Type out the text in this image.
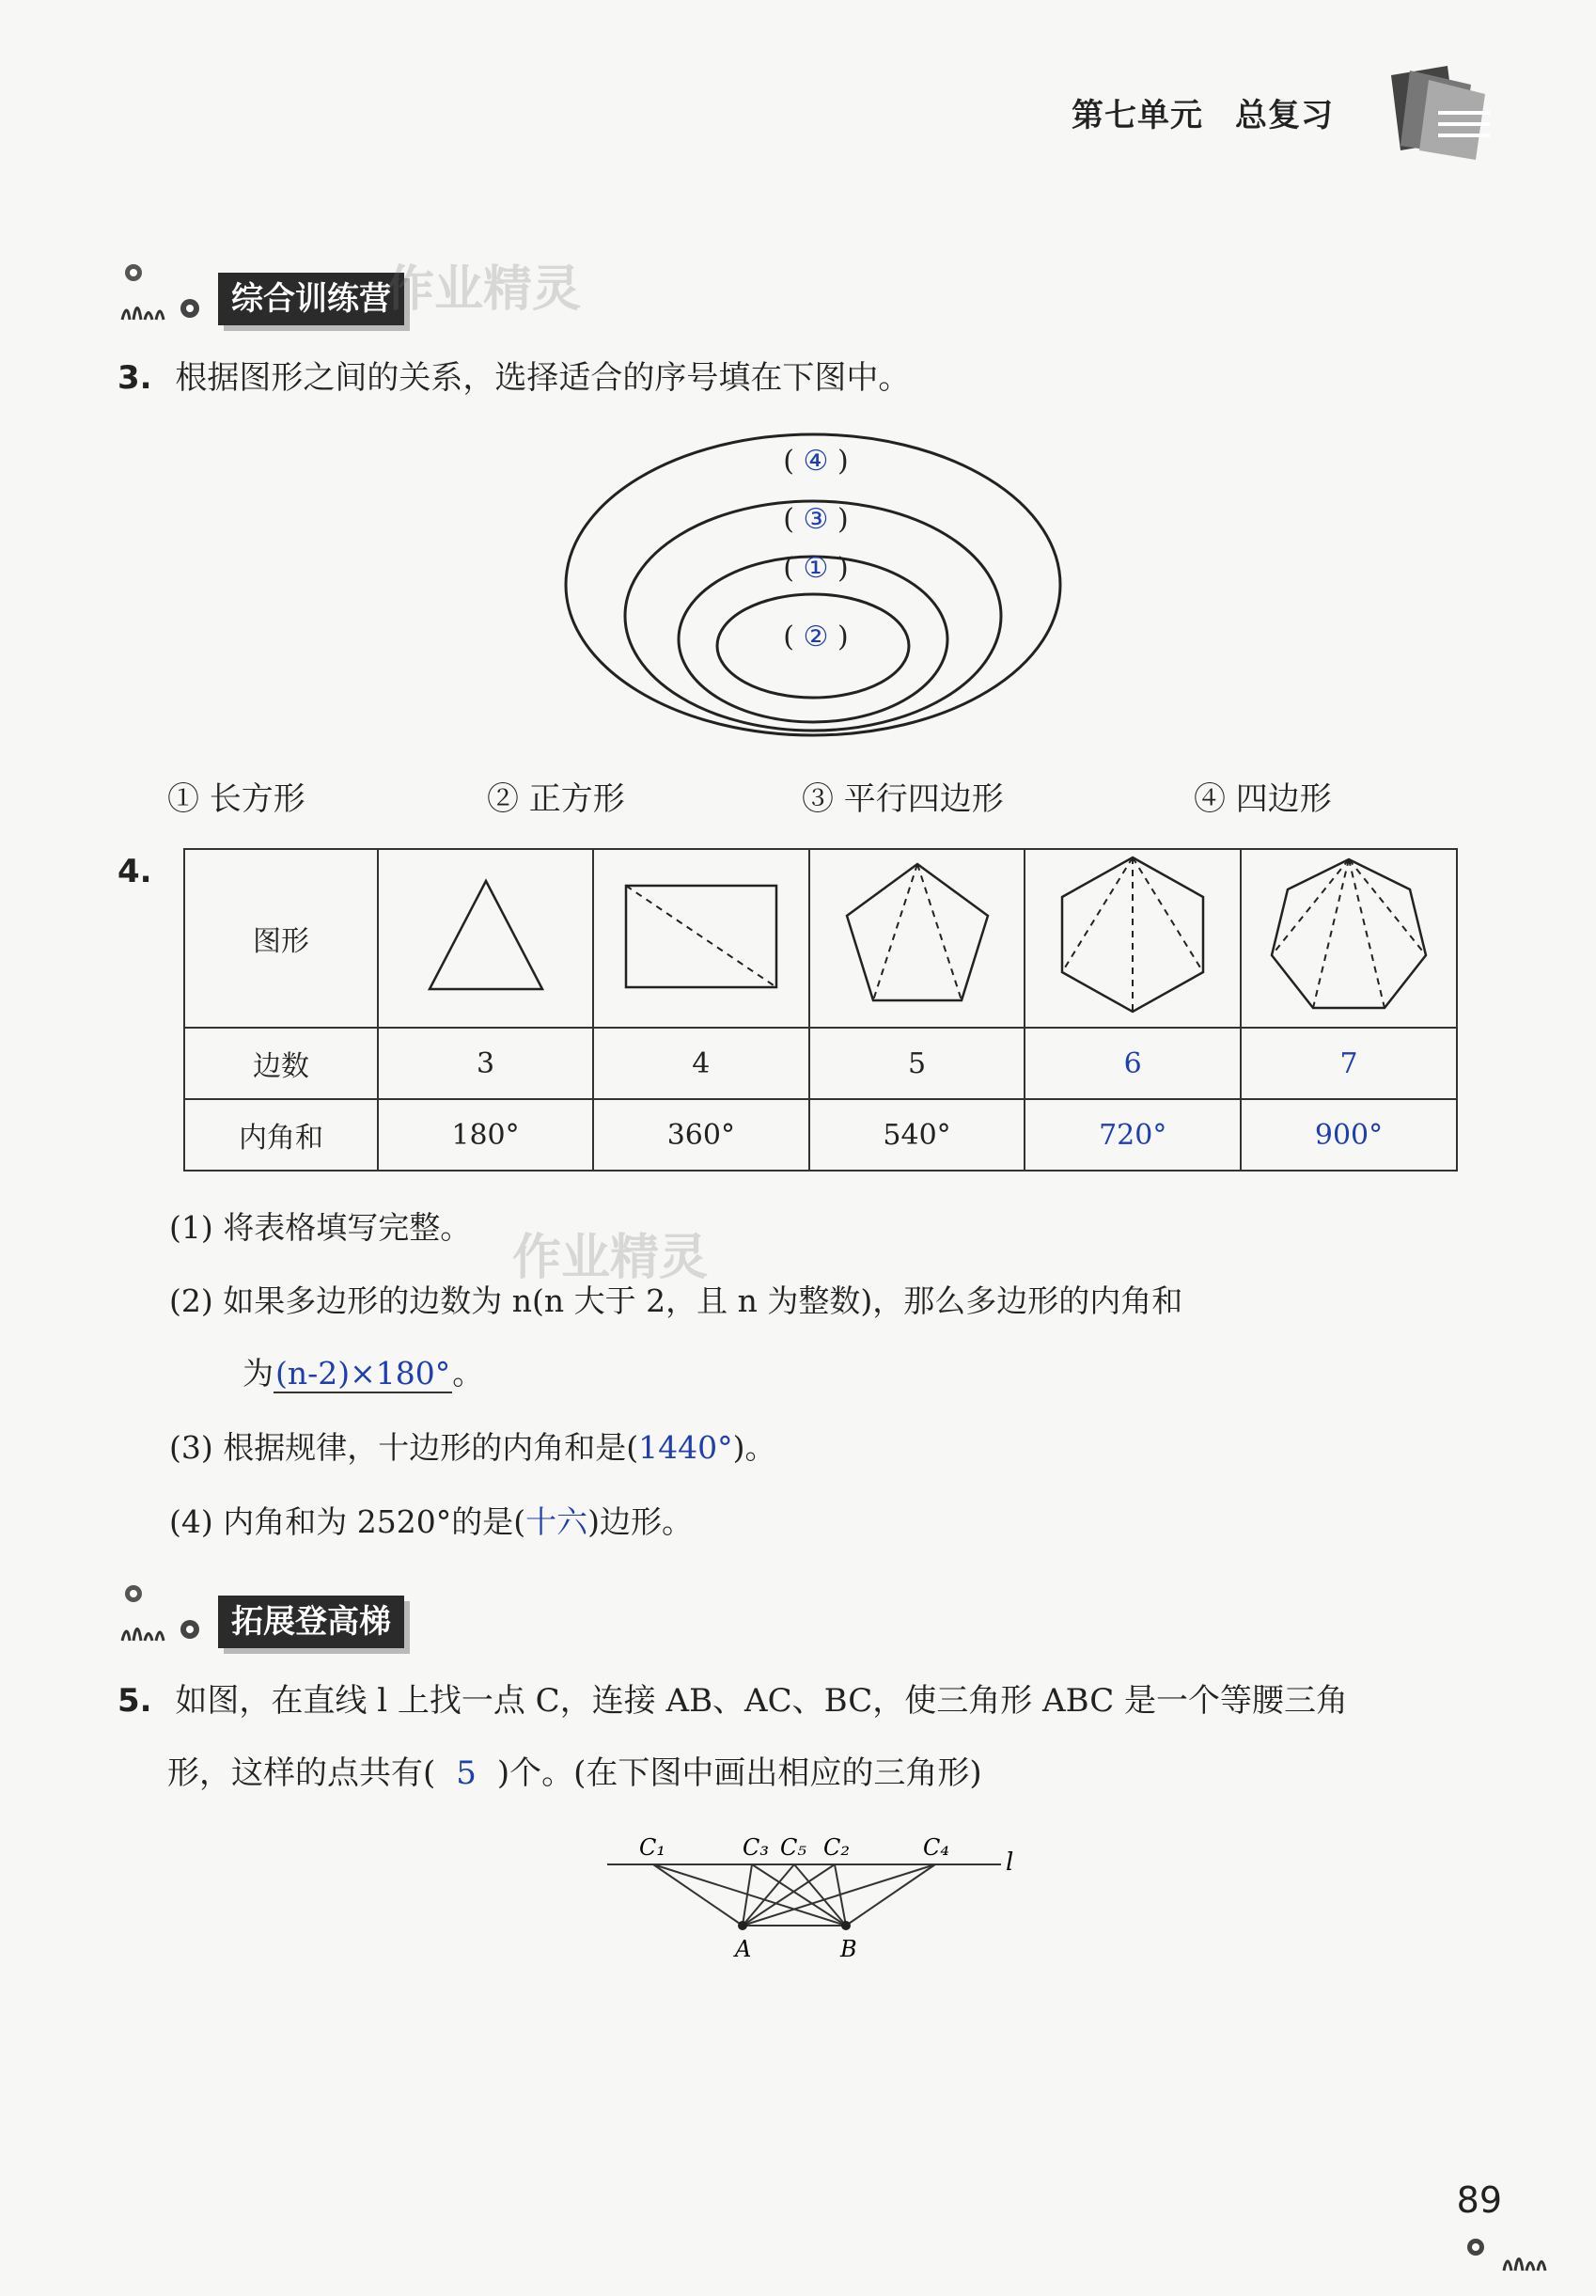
第七单元 总复习
综合训练营
作业精灵
3. 根据图形之间的关系，选择适合的序号填在下图中。
( ④ )
( ③ )
( ① )
( ② )
① 长方形	② 正方形	③ 平行四边形	④ 四边形
4.
图形					
边数	3	4	5	6	7
内角和	180°	360°	540°	720°	900°
(1) 将表格填写完整。
作业精灵
(2) 如果多边形的边数为 n(n 大于 2，且 n 为整数)，那么多边形的内角和
为(n-2)×180°。
(3) 根据规律，十边形的内角和是(1440°)。
(4) 内角和为 2520°的是(十六)边形。
拓展登高梯
5. 如图，在直线 l 上找一点 C，连接 AB、AC、BC，使三角形 ABC 是一个等腰三角
形，这样的点共有( 5 )个。(在下图中画出相应的三角形)
C₁	C₃ C₅ C₂	C₄
l
A	B
89
